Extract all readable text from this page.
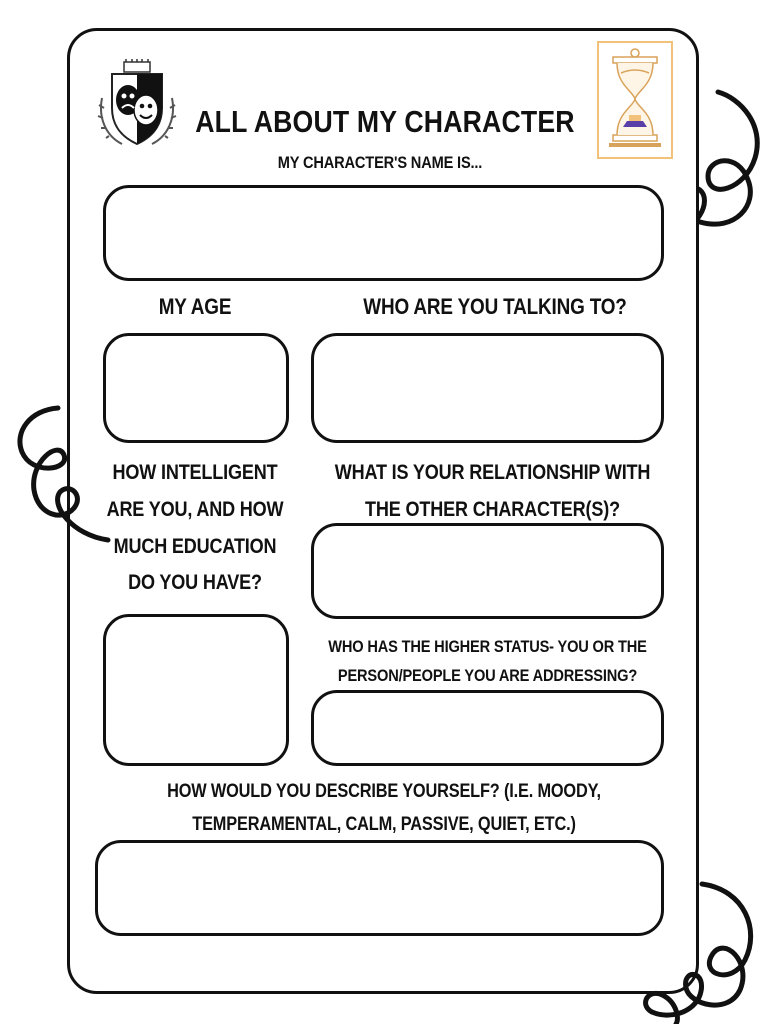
ALL ABOUT MY CHARACTER
MY CHARACTER'S NAME IS...
MY AGE	WHO ARE YOU TALKING TO?
HOW INTELLIGENT
ARE YOU, AND HOW
MUCH EDUCATION
DO YOU HAVE?
WHAT IS YOUR RELATIONSHIP WITH
THE OTHER CHARACTER(S)?
WHO HAS THE HIGHER STATUS- YOU OR THE
PERSON/PEOPLE YOU ARE ADDRESSING?
HOW WOULD YOU DESCRIBE YOURSELF? (I.E. MOODY,
TEMPERAMENTAL, CALM, PASSIVE, QUIET, ETC.)
